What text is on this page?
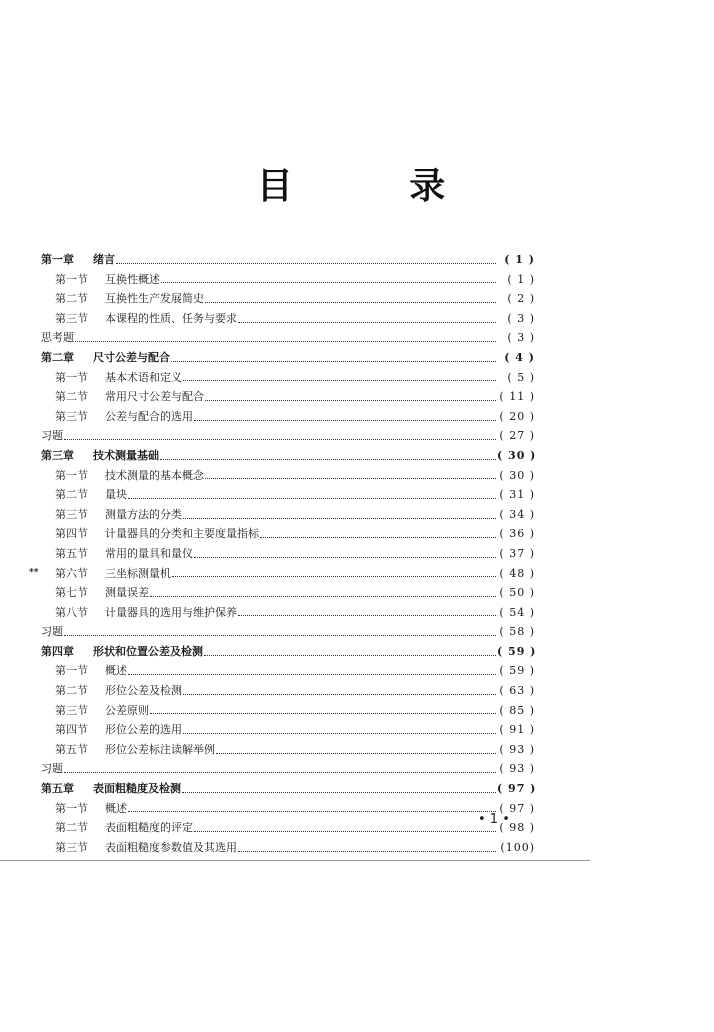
目 录
第一章	绪言	( 1 )
第一节	互换性概述	( 1 )
第二节	互换性生产发展简史	( 2 )
第三节	本课程的性质、任务与要求	( 3 )
思考题	( 3 )
第二章	尺寸公差与配合	( 4 )
第一节	基本术语和定义	( 5 )
第二节	常用尺寸公差与配合	( 11 )
第三节	公差与配合的选用	( 20 )
习题	( 27 )
第三章	技术测量基础	( 30 )
第一节	技术测量的基本概念	( 30 )
第二节	量块	( 31 )
第三节	测量方法的分类	( 34 )
第四节	计量器具的分类和主要度量指标	( 36 )
第五节	常用的量具和量仪	( 37 )
** 第六节	三坐标测量机	( 48 )
第七节	测量误差	( 50 )
第八节	计量器具的选用与维护保养	( 54 )
习题	( 58 )
第四章	形状和位置公差及检测	( 59 )
第一节	概述	( 59 )
第二节	形位公差及检测	( 63 )
第三节	公差原则	( 85 )
第四节	形位公差的选用	( 91 )
第五节	形位公差标注读解举例	( 93 )
习题	( 93 )
第五章	表面粗糙度及检测	( 97 )
第一节	概述	( 97 )
第二节	表面粗糙度的评定	( 98 )
第三节	表面粗糙度参数值及其选用	(100)
• 1 •
